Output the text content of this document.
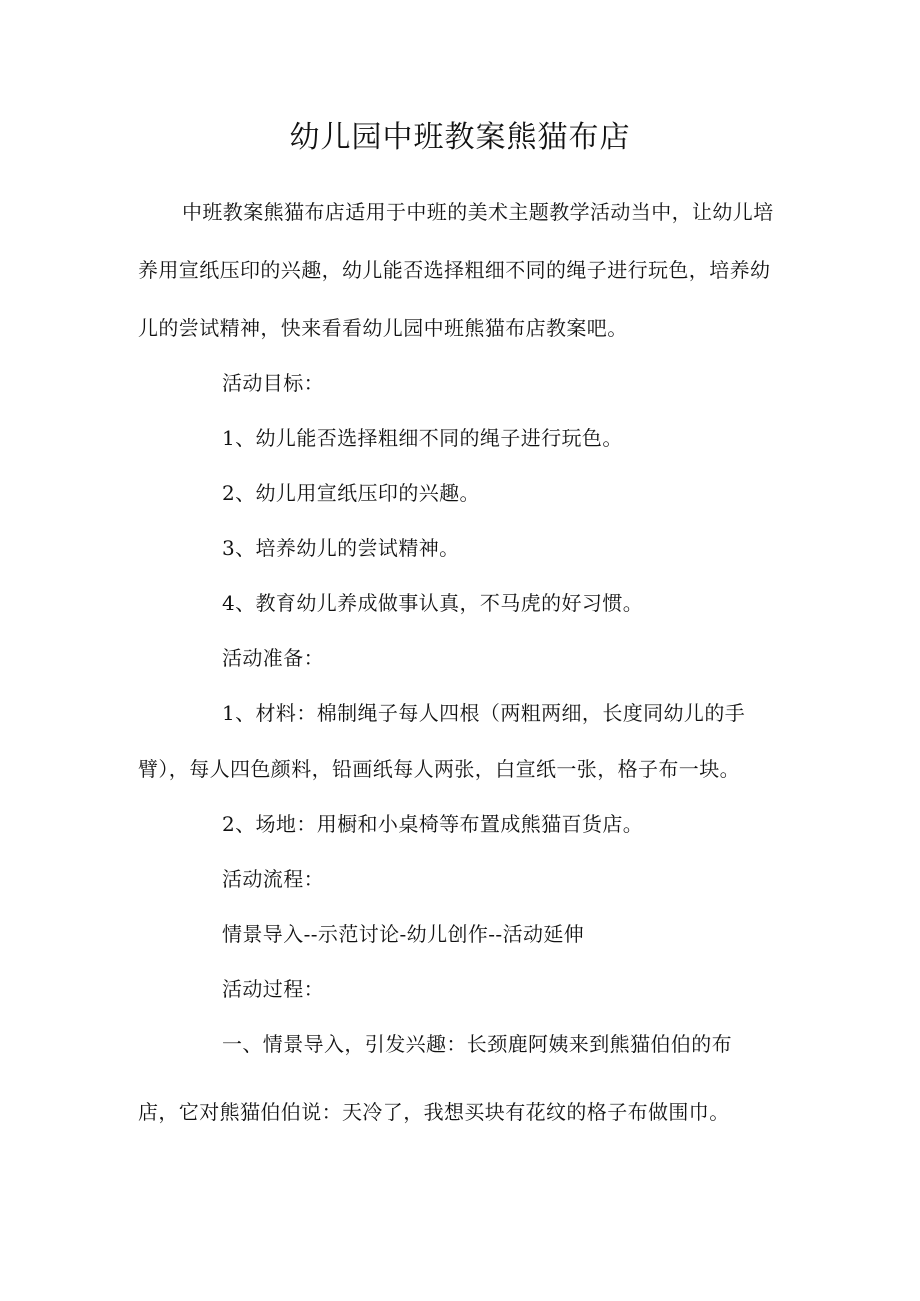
幼儿园中班教案熊猫布店
中班教案熊猫布店适用于中班的美术主题教学活动当中，让幼儿培
养用宣纸压印的兴趣，幼儿能否选择粗细不同的绳子进行玩色，培养幼
儿的尝试精神，快来看看幼儿园中班熊猫布店教案吧。
活动目标：
1、幼儿能否选择粗细不同的绳子进行玩色。
2、幼儿用宣纸压印的兴趣。
3、培养幼儿的尝试精神。
4、教育幼儿养成做事认真，不马虎的好习惯。
活动准备：
1、材料：棉制绳子每人四根（两粗两细，长度同幼儿的手
臂），每人四色颜料，铅画纸每人两张，白宣纸一张，格子布一块。
2、场地：用橱和小桌椅等布置成熊猫百货店。
活动流程：
情景导入--示范讨论-幼儿创作--活动延伸
活动过程：
一、情景导入，引发兴趣：长颈鹿阿姨来到熊猫伯伯的布
店，它对熊猫伯伯说：天冷了，我想买块有花纹的格子布做围巾。
